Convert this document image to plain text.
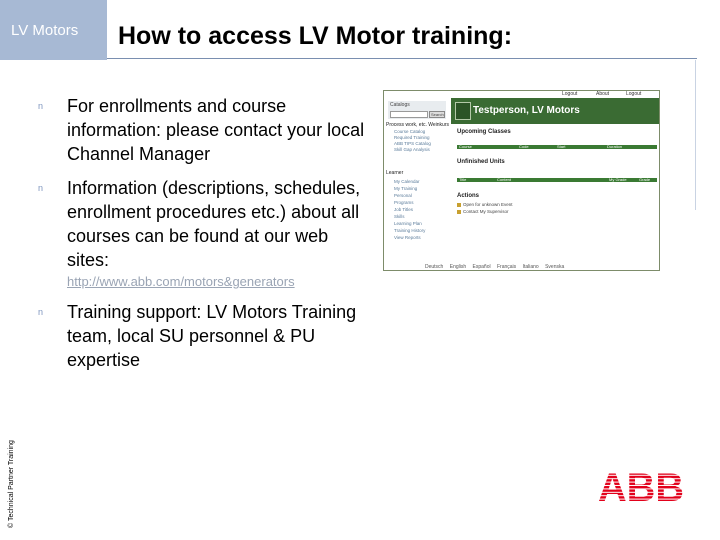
LV Motors	How to access LV Motor training:
n For enrollments and course information: please contact your local Channel Manager
n Information (descriptions, schedules, enrollment procedures etc.) about all courses can be found at our web sites:
http://www.abb.com/motors&generators
n Training support: LV Motors Training team, local SU personnel & PU expertise
© Technical Partner Training
Logout	About	Logout
Catalogs
Search
Process work, etc. Weinkurs
Course Catalog
Required Training
ABB TIPS Catalog
Skill Gap Analysis
Learner
My Calendar
My Training
Personal
Programs
Job Titles
Skills
Learning Plan
Training History
View Reports
Testperson, LV Motors
Upcoming Classes
Course	Code	Start	Duration
Unfinished Units
Title	Content	My Grade	Grade
Actions
Open for unknown Event
Contact My Supervisor
Deutsch English Español Français Italiano Svenska
ABB
